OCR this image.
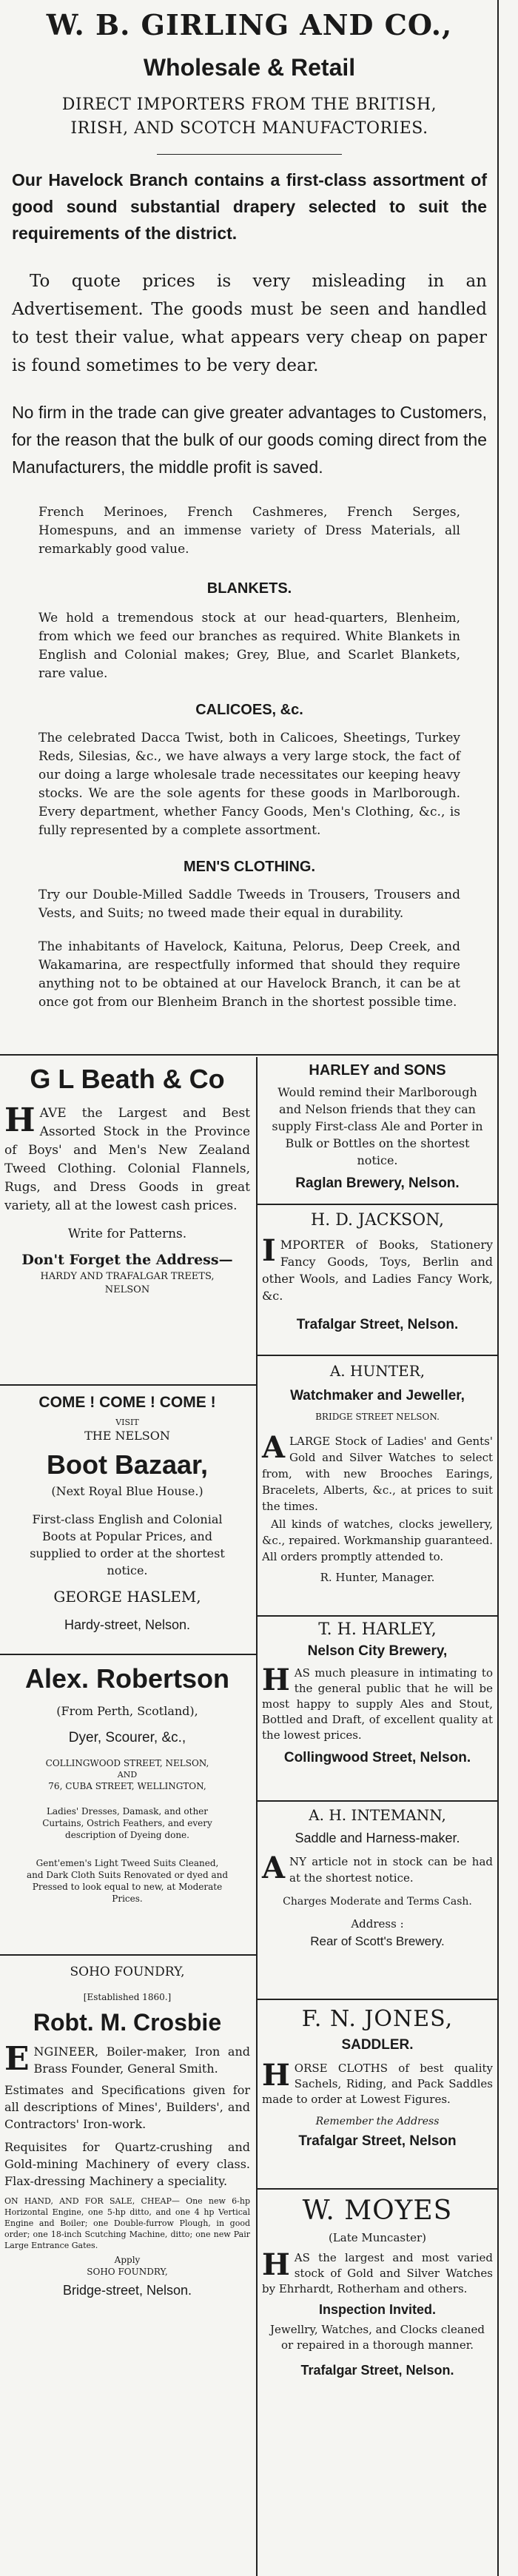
W. B. GIRLING AND CO.,
Wholesale & Retail
DIRECT IMPORTERS FROM THE BRITISH, IRISH, AND SCOTCH MANUFACTORIES.

Our Havelock Branch contains a first-class assortment of good sound substantial drapery selected to suit the requirements of the district.

To quote prices is very misleading in an Advertisement. The goods must be seen and handled to test their value, what appears very cheap on paper is found sometimes to be very dear.

No firm in the trade can give greater advantages to Customers, for the reason that the bulk of our goods coming direct from the Manufacturers, the middle profit is saved.

French Merinoes, French Cashmeres, French Serges, Homespuns, and an immense variety of Dress Materials, all remarkably good value.

BLANKETS.

We hold a tremendous stock at our head-quarters, Blenheim, from which we feed our branches as required. White Blankets in English and Colonial makes; Grey, Blue, and Scarlet Blankets, rare value.

CALICOES, &c.

The celebrated Dacca Twist, both in Calicoes, Sheetings, Turkey Reds, Silesias, &c., we have always a very large stock, the fact of our doing a large wholesale trade necessitates our keeping heavy stocks. We are the sole agents for these goods in Marlborough. Every department, whether Fancy Goods, Men's Clothing, &c., is fully represented by a complete assortment.

MEN'S CLOTHING.

Try our Double-Milled Saddle Tweeds in Trousers, Trousers and Vests, and Suits; no tweed made their equal in durability.

The inhabitants of Havelock, Kaituna, Pelorus, Deep Creek, and Wakamarina, are respectfully informed that should they require anything not to be obtained at our Havelock Branch, it can be at once got from our Blenheim Branch in the shortest possible time.

G L Beath & Co
H AVE the Largest and Best Assorted Stock in the Province of Boys' and Men's New Zealand Tweed Clothing. Colonial Flannels, Rugs, and Dress Goods in great variety, all at the lowest cash prices.
Write for Patterns.
Don't Forget the Address—
HARDY AND TRAFALGAR TREETS, NELSON
COME ! COME ! COME !
VISIT
THE NELSON
Boot Bazaar,
(Next Royal Blue House.)

First-class English and Colonial Boots at Popular Prices, and supplied to order at the shortest notice.

GEORGE HASLEM,
Hardy-street, Nelson.
Alex. Robertson
(From Perth, Scotland),
Dyer, Scourer, &c.,
COLLINGWOOD STREET, NELSON,
AND
76, CUBA STREET, WELLINGTON,

Ladies' Dresses, Damask, and other Curtains, Ostrich Feathers, and every description of Dyeing done.

Gent'emen's Light Tweed Suits Cleaned, and Dark Cloth Suits Renovated or dyed and Pressed to look equal to new, at Moderate Prices.

SOHO FOUNDRY,
[Established 1860.]
Robt. M. Crosbie
E NGINEER, Boiler-maker, Iron and Brass Founder, General Smith.

Estimates and Specifications given for all descriptions of Mines', Builders', and Contractors' Iron-work.

Requisites for Quartz-crushing and Gold-mining Machinery of every class. Flax-dressing Machinery a speciality.

ON HAND, AND FOR SALE, CHEAP— One new 6-hp Horizontal Engine, one 5-hp ditto, and one 4 hp Vertical Engine and Boiler; one Double-furrow Plough, in good order; one 18-inch Scutching Machine, ditto; one new Pair Large Entrance Gates.

Apply
SOHO FOUNDRY,
Bridge-street, Nelson.
HARLEY and SONS

Would remind their Marlborough and Nelson friends that they can supply First-class Ale and Porter in Bulk or Bottles on the shortest notice.

Raglan Brewery, Nelson.
H. D. JACKSON,
I MPORTER of Books, Stationery Fancy Goods, Toys, Berlin and other Wools, and Ladies Fancy Work, &c.
Trafalgar Street, Nelson.
A. HUNTER,
Watchmaker and Jeweller,
BRIDGE STREET NELSON.
A LARGE Stock of Ladies' and Gents' Gold and Silver Watches to select from, with new Brooches Earings, Bracelets, Alberts, &c., at prices to suit the times.

All kinds of watches, clocks jewellery, &c., repaired. Workmanship guaranteed. All orders promptly attended to.

R. Hunter, Manager.
T. H. HARLEY,
Nelson City Brewery,
H AS much pleasure in intimating to the general public that he will be most happy to supply Ales and Stout, Bottled and Draft, of excellent quality at the lowest prices.
Collingwood Street, Nelson.
A. H. INTEMANN,
Saddle and Harness-maker.
A NY article not in stock can be had at the shortest notice.
Charges Moderate and Terms Cash.
Address :
Rear of Scott's Brewery.
F. N. JONES,
SADDLER.
H ORSE CLOTHS of best quality Sachels, Riding, and Pack Saddles made to order at Lowest Figures.
Remember the Address
Trafalgar Street, Nelson
W. MOYES
(Late Muncaster)
H AS the largest and most varied stock of Gold and Silver Watches by Ehrhardt, Rotherham and others.
Inspection Invited.

Jewellry, Watches, and Clocks cleaned or repaired in a thorough manner.

Trafalgar Street, Nelson.
